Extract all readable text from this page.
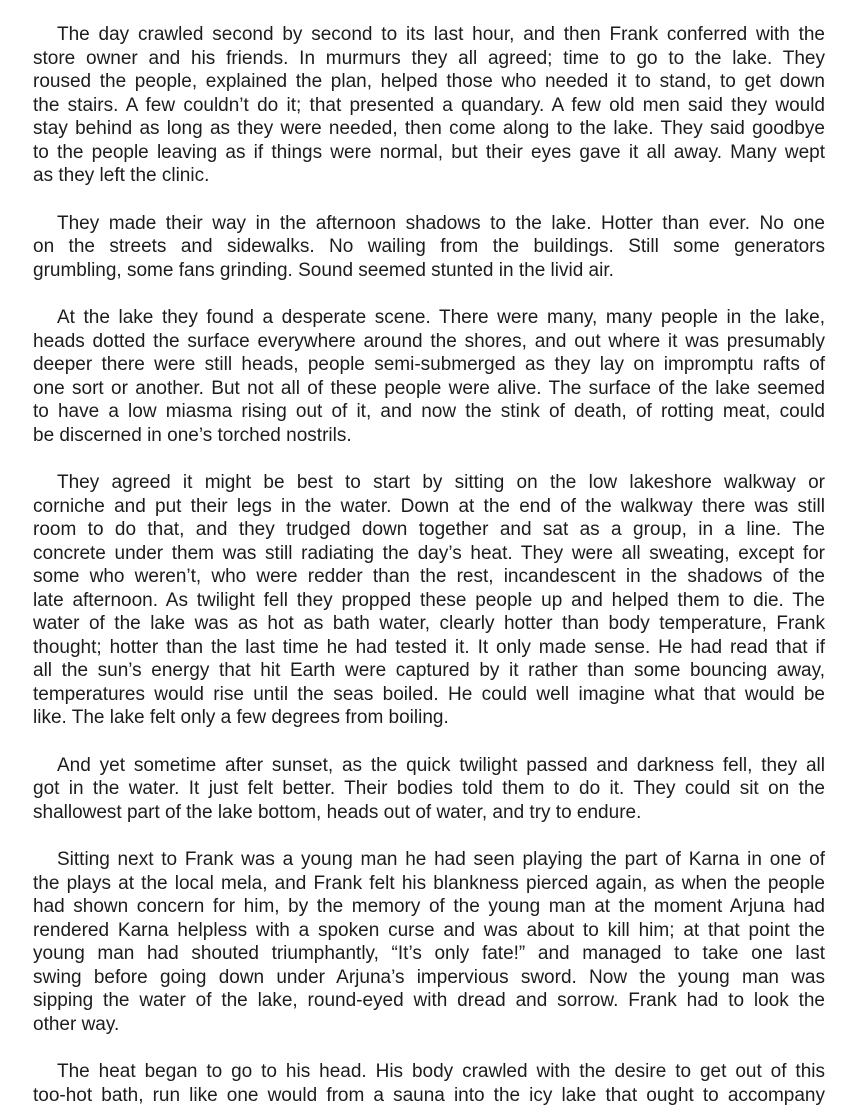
The day crawled second by second to its last hour, and then Frank conferred with the
store owner and his friends. In murmurs they all agreed; time to go to the lake. They
roused the people, explained the plan, helped those who needed it to stand, to get down
the stairs. A few couldn’t do it; that presented a quandary. A few old men said they would
stay behind as long as they were needed, then come along to the lake. They said goodbye
to the people leaving as if things were normal, but their eyes gave it all away. Many wept
as they left the clinic.

They made their way in the afternoon shadows to the lake. Hotter than ever. No one
on the streets and sidewalks. No wailing from the buildings. Still some generators
grumbling, some fans grinding. Sound seemed stunted in the livid air.

At the lake they found a desperate scene. There were many, many people in the lake,
heads dotted the surface everywhere around the shores, and out where it was presumably
deeper there were still heads, people semi-submerged as they lay on impromptu rafts of
one sort or another. But not all of these people were alive. The surface of the lake seemed
to have a low miasma rising out of it, and now the stink of death, of rotting meat, could
be discerned in one’s torched nostrils.

They agreed it might be best to start by sitting on the low lakeshore walkway or
corniche and put their legs in the water. Down at the end of the walkway there was still
room to do that, and they trudged down together and sat as a group, in a line. The
concrete under them was still radiating the day’s heat. They were all sweating, except for
some who weren’t, who were redder than the rest, incandescent in the shadows of the
late afternoon. As twilight fell they propped these people up and helped them to die. The
water of the lake was as hot as bath water, clearly hotter than body temperature, Frank
thought; hotter than the last time he had tested it. It only made sense. He had read that if
all the sun’s energy that hit Earth were captured by it rather than some bouncing away,
temperatures would rise until the seas boiled. He could well imagine what that would be
like. The lake felt only a few degrees from boiling.

And yet sometime after sunset, as the quick twilight passed and darkness fell, they all
got in the water. It just felt better. Their bodies told them to do it. They could sit on the
shallowest part of the lake bottom, heads out of water, and try to endure.

Sitting next to Frank was a young man he had seen playing the part of Karna in one of
the plays at the local mela, and Frank felt his blankness pierced again, as when the people
had shown concern for him, by the memory of the young man at the moment Arjuna had
rendered Karna helpless with a spoken curse and was about to kill him; at that point the
young man had shouted triumphantly, “It’s only fate!” and managed to take one last
swing before going down under Arjuna’s impervious sword. Now the young man was
sipping the water of the lake, round-eyed with dread and sorrow. Frank had to look the
other way.

The heat began to go to his head. His body crawled with the desire to get out of this
too-hot bath, run like one would from a sauna into the icy lake that ought to accompany
